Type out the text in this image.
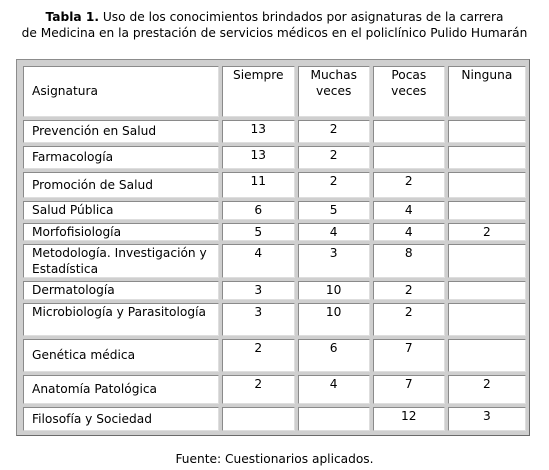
Tabla 1. Uso de los conocimientos brindados por asignaturas de la carrera
de Medicina en la prestación de servicios médicos en el policlínico Pulido Humarán
Asignatura	Siempre	Muchas veces	Pocas veces	Ninguna
Prevención en Salud	13	2		
Farmacología	13	2		
Promoción de Salud	11	2	2	
Salud Pública	6	5	4	
Morfofisiología	5	4	4	2
Metodología. Investigación y Estadística	4	3	8	
Dermatología	3	10	2	
Microbiología y Parasitología	3	10	2	
Genética médica	2	6	7	
Anatomía Patológica	2	4	7	2
Filosofía y Sociedad			12	3
Fuente: Cuestionarios aplicados.
